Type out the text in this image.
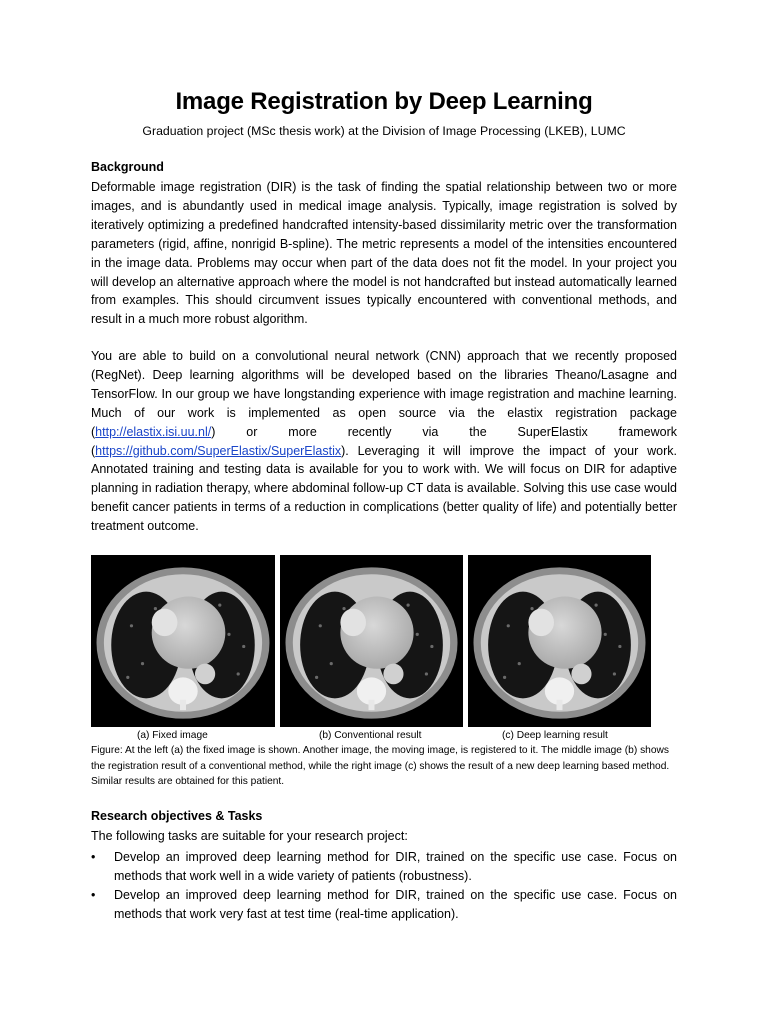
Image Registration by Deep Learning

Graduation project (MSc thesis work) at the Division of Image Processing (LKEB), LUMC

Background

Deformable image registration (DIR) is the task of finding the spatial relationship between two or more images, and is abundantly used in medical image analysis. Typically, image registration is solved by iteratively optimizing a predefined handcrafted intensity-based dissimilarity metric over the transformation parameters (rigid, affine, nonrigid B-spline). The metric represents a model of the intensities encountered in the image data. Problems may occur when part of the data does not fit the model. In your project you will develop an alternative approach where the model is not handcrafted but instead automatically learned from examples. This should circumvent issues typically encountered with conventional methods, and result in a much more robust algorithm.

You are able to build on a convolutional neural network (CNN) approach that we recently proposed (RegNet). Deep learning algorithms will be developed based on the libraries Theano/Lasagne and TensorFlow. In our group we have longstanding experience with image registration and machine learning. Much of our work is implemented as open source via the elastix registration package (http://elastix.isi.uu.nl/) or more recently via the SuperElastix framework (https://github.com/SuperElastix/SuperElastix). Leveraging it will improve the impact of your work. Annotated training and testing data is available for you to work with. We will focus on DIR for adaptive planning in radiation therapy, where abdominal follow-up CT data is available. Solving this use case would benefit cancer patients in terms of a reduction in complications (better quality of life) and potentially better treatment outcome.

(a) Fixed image	(b) Conventional result	(c) Deep learning result

Figure: At the left (a) the fixed image is shown. Another image, the moving image, is registered to it. The middle image (b) shows the registration result of a conventional method, while the right image (c) shows the result of a new deep learning based method. Similar results are obtained for this patient.

Research objectives & Tasks

The following tasks are suitable for your research project:

•	Develop an improved deep learning method for DIR, trained on the specific use case. Focus on methods that work well in a wide variety of patients (robustness).
•	Develop an improved deep learning method for DIR, trained on the specific use case. Focus on methods that work very fast at test time (real-time application).
